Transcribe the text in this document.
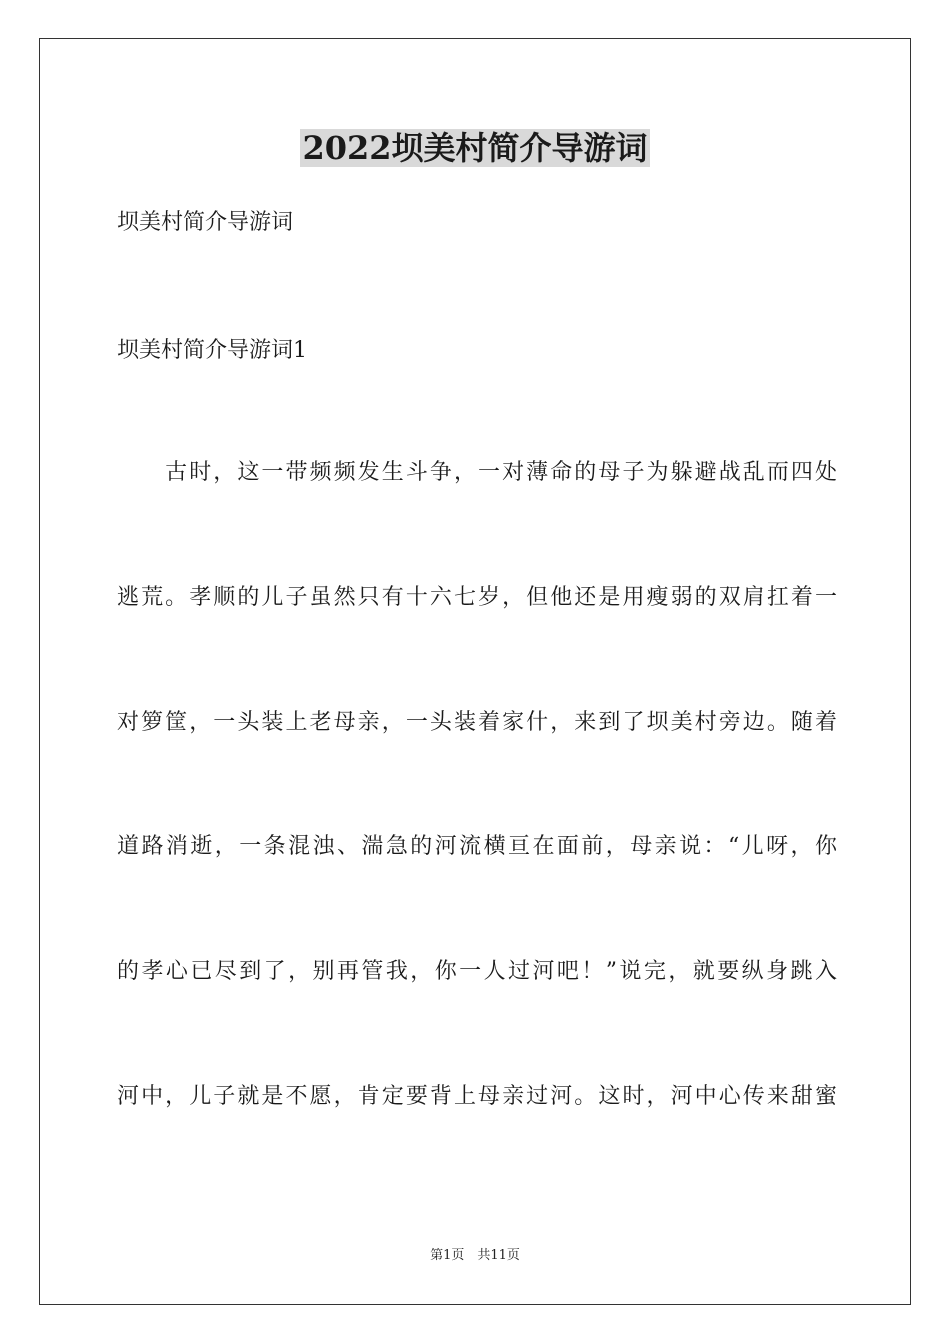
2022坝美村简介导游词
坝美村简介导游词
坝美村简介导游词1
　　古时，这一带频频发生斗争，一对薄命的母子为躲避战乱而四处
逃荒。孝顺的儿子虽然只有十六七岁，但他还是用瘦弱的双肩扛着一
对箩筐，一头装上老母亲，一头装着家什，来到了坝美村旁边。随着
道路消逝，一条混浊、湍急的河流横亘在面前，母亲说：“儿呀，你
的孝心已尽到了，别再管我，你一人过河吧！”说完，就要纵身跳入
河中，儿子就是不愿，肯定要背上母亲过河。这时，河中心传来甜蜜
第1页　共11页
